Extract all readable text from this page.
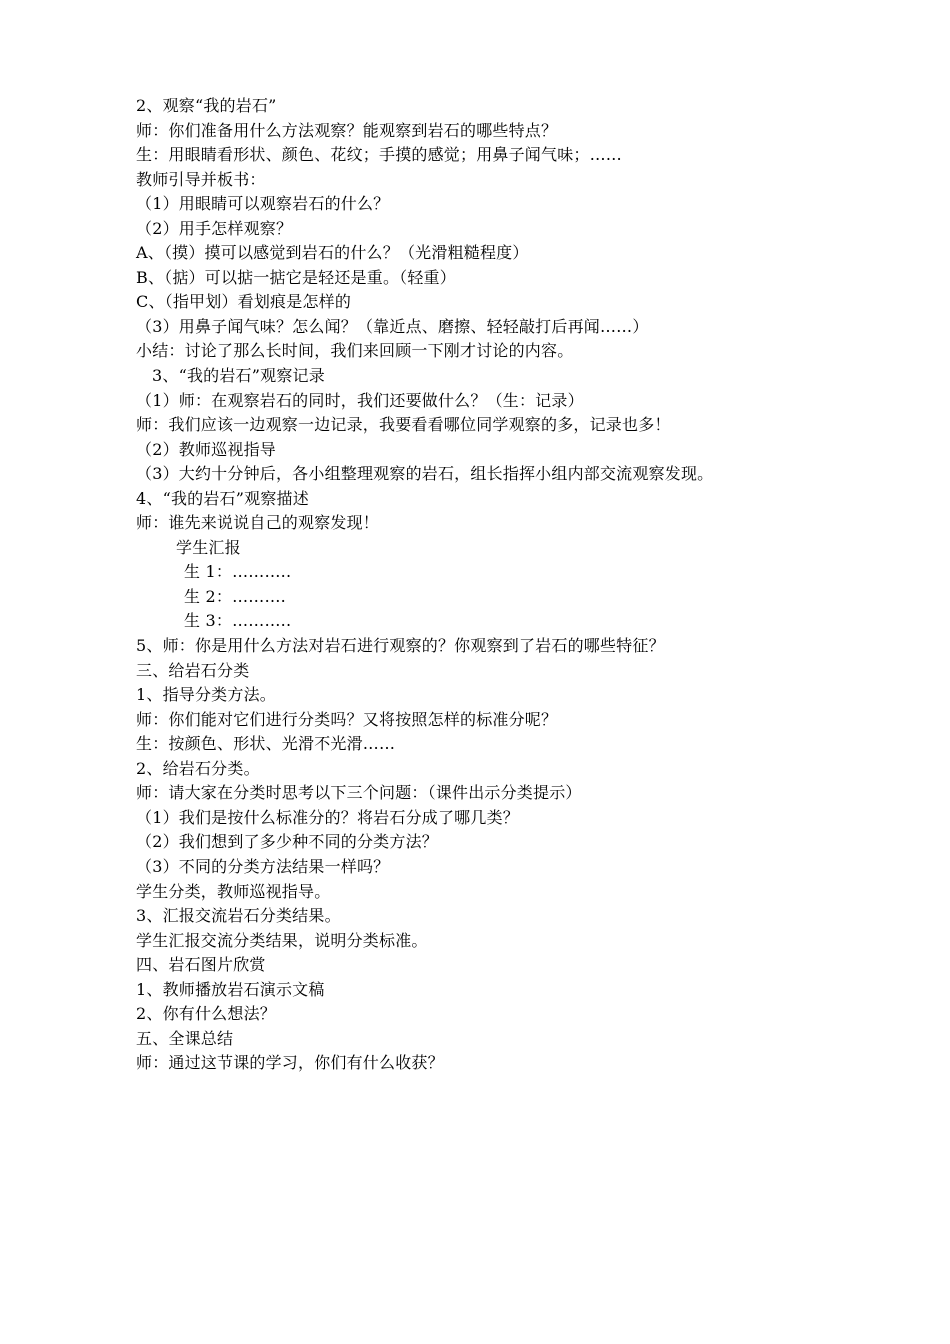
2、观察“我的岩石”
师：你们准备用什么方法观察？能观察到岩石的哪些特点？
生：用眼睛看形状、颜色、花纹；手摸的感觉；用鼻子闻气味；……
教师引导并板书：
（1）用眼睛可以观察岩石的什么？
（2）用手怎样观察？
A、（摸）摸可以感觉到岩石的什么？（光滑粗糙程度）
B、（掂）可以掂一掂它是轻还是重。（轻重）
C、（指甲划）看划痕是怎样的
（3）用鼻子闻气味？怎么闻？（靠近点、磨擦、轻轻敲打后再闻……）
小结：讨论了那么长时间，我们来回顾一下刚才讨论的内容。
3、“我的岩石”观察记录
（1）师：在观察岩石的同时，我们还要做什么？（生：记录）
师：我们应该一边观察一边记录，我要看看哪位同学观察的多，记录也多！
（2）教师巡视指导
（3）大约十分钟后，各小组整理观察的岩石，组长指挥小组内部交流观察发现。
4、“我的岩石”观察描述
师：谁先来说说自己的观察发现！
学生汇报
生 1：………..
生 2：……….
生 3：………..
5、师：你是用什么方法对岩石进行观察的？你观察到了岩石的哪些特征？
三、给岩石分类
1、指导分类方法。
师：你们能对它们进行分类吗？又将按照怎样的标准分呢？
生：按颜色、形状、光滑不光滑……
2、给岩石分类。
师：请大家在分类时思考以下三个问题：（课件出示分类提示）
（1）我们是按什么标准分的？将岩石分成了哪几类？
（2）我们想到了多少种不同的分类方法？
（3）不同的分类方法结果一样吗？
学生分类，教师巡视指导。
3、汇报交流岩石分类结果。
学生汇报交流分类结果，说明分类标准。
四、岩石图片欣赏
1、教师播放岩石演示文稿
2、你有什么想法？
五、全课总结
师：通过这节课的学习，你们有什么收获？
